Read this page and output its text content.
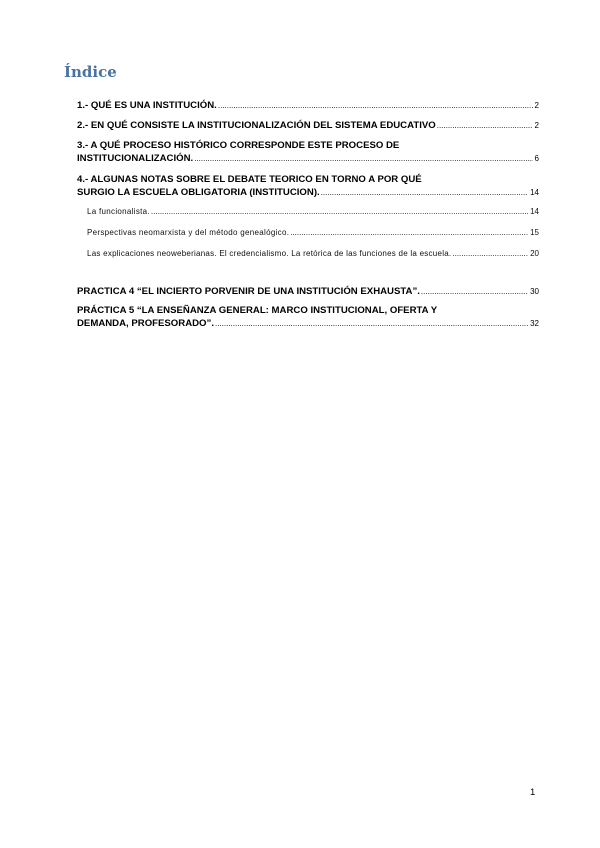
Índice
1.- QUÉ ES UNA INSTITUCIÓN. .....	2
2.- EN QUÉ CONSISTE LA INSTITUCIONALIZACIÓN DEL SISTEMA EDUCATIVO .....	2
3.- A QUÉ PROCESO HISTÓRICO CORRESPONDE ESTE PROCESO DE
INSTITUCIONALIZACIÓN. .....	6
4.- ALGUNAS NOTAS SOBRE EL DEBATE TEORICO EN TORNO A POR QUÉ
SURGIO LA ESCUELA OBLIGATORIA (INSTITUCION). .....	14
La funcionalista. .....	14
Perspectivas neomarxista y del método genealógico. .....	15
Las explicaciones neoweberianas. El credencialismo. La retórica de las funciones de la escuela. .....	20
PRACTICA 4 “EL INCIERTO PORVENIR DE UNA INSTITUCIÓN EXHAUSTA”. .....	30
PRÁCTICA 5 “LA ENSEÑANZA GENERAL: MARCO INSTITUCIONAL, OFERTA Y
DEMANDA, PROFESORADO”. .....	32
1
